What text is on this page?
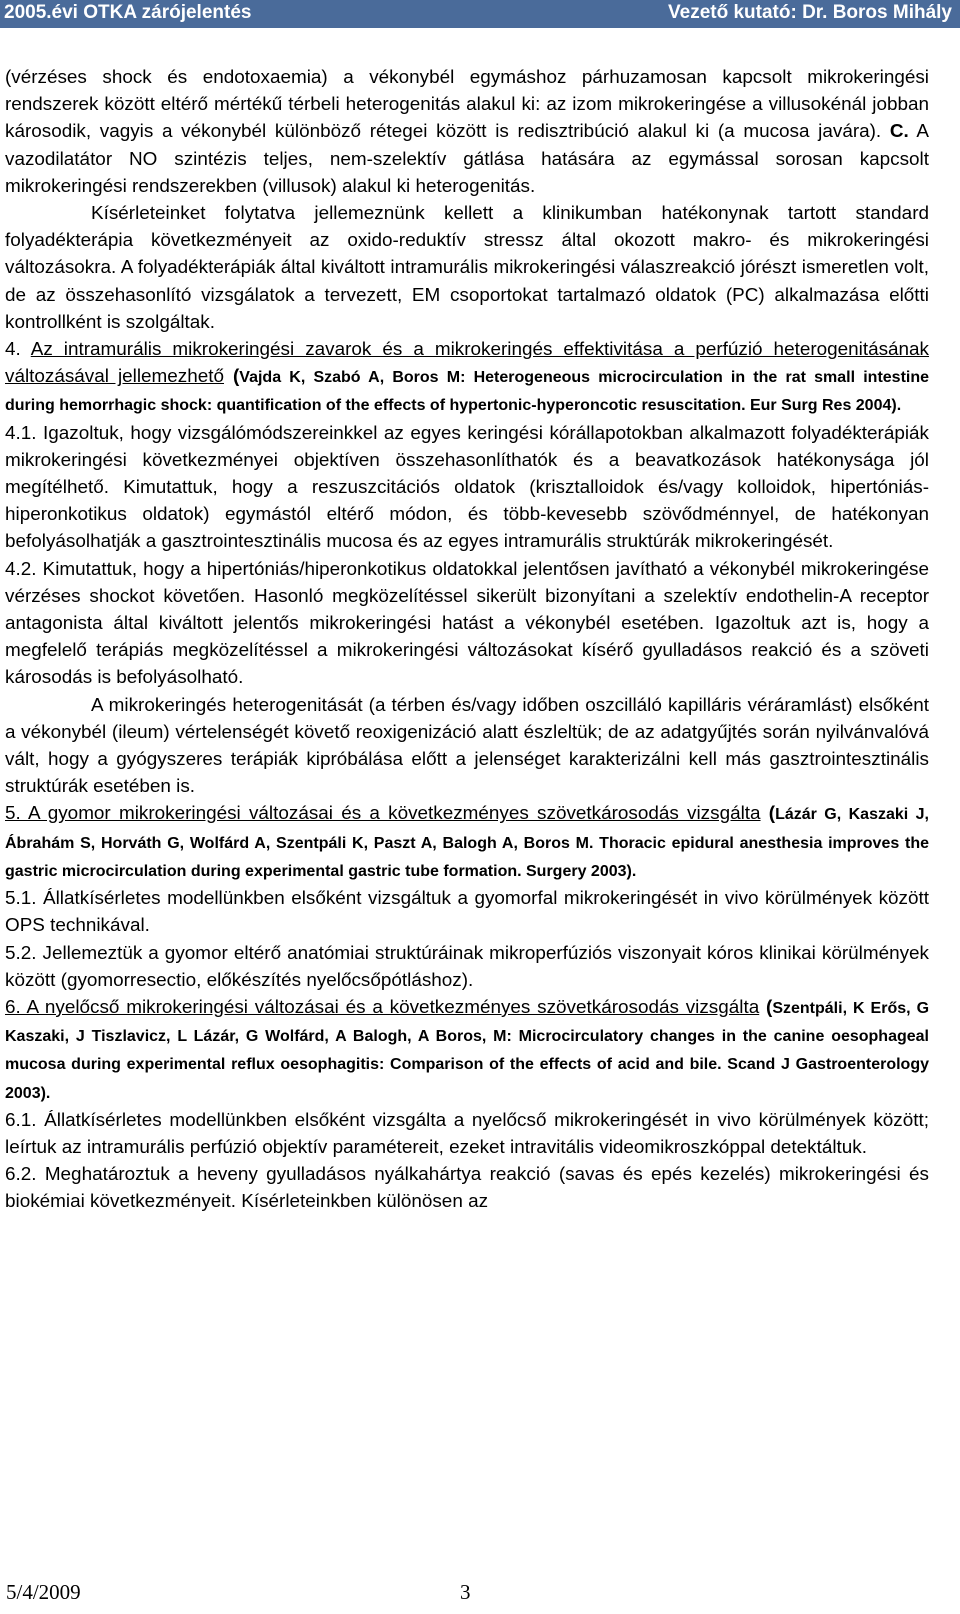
2005.évi OTKA zárójelentés	Vezető kutató: Dr. Boros Mihály

(vérzéses shock és endotoxaemia) a vékonybél egymáshoz párhuzamosan kapcsolt mikrokeringési rendszerek között eltérő mértékű térbeli heterogenitás alakul ki: az izom mikrokeringése a villusokénál jobban károsodik, vagyis a vékonybél különböző rétegei között is redisztribúció alakul ki (a mucosa javára). C. A vazodilatátor NO szintézis teljes, nem-szelektív gátlása hatására az egymással sorosan kapcsolt mikrokeringési rendszerekben (villusok) alakul ki heterogenitás.

Kísérleteinket folytatva jellemeznünk kellett a klinikumban hatékonynak tartott standard folyadékterápia következményeit az oxido-reduktív stressz által okozott makro- és mikrokeringési változásokra. A folyadékterápiák által kiváltott intramurális mikrokeringési válaszreakció jórészt ismeretlen volt, de az összehasonlító vizsgálatok a tervezett, EM csoportokat tartalmazó oldatok (PC) alkalmazása előtti kontrollként is szolgáltak.

4. Az intramurális mikrokeringési zavarok és a mikrokeringés effektivitása a perfúzió heterogenitásának változásával jellemezhető (Vajda K, Szabó A, Boros M: Heterogeneous microcirculation in the rat small intestine during hemorrhagic shock: quantification of the effects of hypertonic-hyperoncotic resuscitation. Eur Surg Res 2004).

4.1. Igazoltuk, hogy vizsgálómódszereinkkel az egyes keringési kórállapotokban alkalmazott folyadékterápiák mikrokeringési következményei objektíven összehasonlíthatók és a beavatkozások hatékonysága jól megítélhető. Kimutattuk, hogy a reszuszcitációs oldatok (krisztalloidok és/vagy kolloidok, hipertóniás-hiperonkotikus oldatok) egymástól eltérő módon, és több-kevesebb szövődménnyel, de hatékonyan befolyásolhatják a gasztrointesztinális mucosa és az egyes intramurális struktúrák mikrokeringését.

4.2. Kimutattuk, hogy a hipertóniás/hiperonkotikus oldatokkal jelentősen javítható a vékonybél mikrokeringése vérzéses shockot követően. Hasonló megközelítéssel sikerült bizonyítani a szelektív endothelin-A receptor antagonista által kiváltott jelentős mikrokeringési hatást a vékonybél esetében. Igazoltuk azt is, hogy a megfelelő terápiás megközelítéssel a mikrokeringési változásokat kísérő gyulladásos reakció és a szöveti károsodás is befolyásolható.

A mikrokeringés heterogenitását (a térben és/vagy időben oszcilláló kapilláris véráramlást) elsőként a vékonybél (ileum) vértelenségét követő reoxigenizáció alatt észleltük; de az adatgyűjtés során nyilvánvalóvá vált, hogy a gyógyszeres terápiák kipróbálása előtt a jelenséget karakterizálni kell más gasztrointesztinális struktúrák esetében is.

5. A gyomor mikrokeringési változásai és a következményes szövetkárosodás vizsgálta (Lázár G, Kaszaki J, Ábrahám S, Horváth G, Wolfárd A, Szentpáli K, Paszt A, Balogh A, Boros M. Thoracic epidural anesthesia improves the gastric microcirculation during experimental gastric tube formation. Surgery 2003).

5.1. Állatkísérletes modellünkben elsőként vizsgáltuk a gyomorfal mikrokeringését in vivo körülmények között OPS technikával.

5.2. Jellemeztük a gyomor eltérő anatómiai struktúráinak mikroperfúziós viszonyait kóros klinikai körülmények között (gyomorresectio, előkészítés nyelőcsőpótláshoz).

6. A nyelőcső mikrokeringési változásai és a következményes szövetkárosodás vizsgálta (Szentpáli, K Erős, G Kaszaki, J Tiszlavicz, L Lázár, G Wolfárd, A Balogh, A Boros, M: Microcirculatory changes in the canine oesophageal mucosa during experimental reflux oesophagitis: Comparison of the effects of acid and bile. Scand J Gastroenterology 2003).

6.1. Állatkísérletes modellünkben elsőként vizsgálta a nyelőcső mikrokeringését in vivo körülmények között; leírtuk az intramurális perfúzió objektív paramétereit, ezeket intravitális videomikroszkóppal detektáltuk.

6.2. Meghatároztuk a heveny gyulladásos nyálkahártya reakció (savas és epés kezelés) mikrokeringési és biokémiai következményeit. Kísérleteinkben különösen az

5/4/2009	3
